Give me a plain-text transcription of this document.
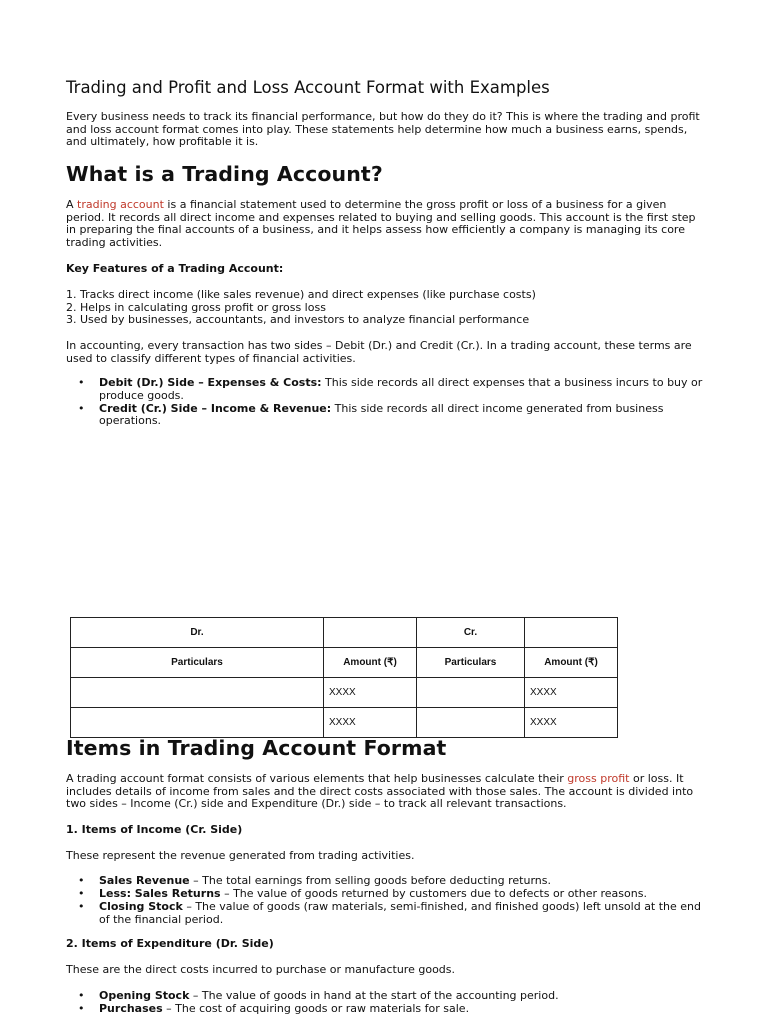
Trading and Profit and Loss Account Format with Examples

Every business needs to track its financial performance, but how do they do it? This is where the trading and profit and loss account format comes into play. These statements help determine how much a business earns, spends, and ultimately, how profitable it is.

What is a Trading Account?

A trading account is a financial statement used to determine the gross profit or loss of a business for a given period. It records all direct income and expenses related to buying and selling goods. This account is the first step in preparing the final accounts of a business, and it helps assess how efficiently a company is managing its core trading activities.

Key Features of a Trading Account:

1. Tracks direct income (like sales revenue) and direct expenses (like purchase costs)

2. Helps in calculating gross profit or gross loss

3. Used by businesses, accountants, and investors to analyze financial performance

In accounting, every transaction has two sides – Debit (Dr.) and Credit (Cr.). In a trading account, these terms are used to classify different types of financial activities.

• Debit (Dr.) Side – Expenses & Costs: This side records all direct expenses that a business incurs to buy or produce goods.
• Credit (Cr.) Side – Income & Revenue: This side records all direct income generated from business operations.
Items in Trading Account Format

A trading account format consists of various elements that help businesses calculate their gross profit or loss. It includes details of income from sales and the direct costs associated with those sales. The account is divided into two sides – Income (Cr.) side and Expenditure (Dr.) side – to track all relevant transactions.

1. Items of Income (Cr. Side)

These represent the revenue generated from trading activities.

• Sales Revenue – The total earnings from selling goods before deducting returns.
• Less: Sales Returns – The value of goods returned by customers due to defects or other reasons.
• Closing Stock – The value of goods (raw materials, semi-finished, and finished goods) left unsold at the end of the financial period.

2. Items of Expenditure (Dr. Side)

These are the direct costs incurred to purchase or manufacture goods.

• Opening Stock – The value of goods in hand at the start of the accounting period.
• Purchases – The cost of acquiring goods or raw materials for sale.
Dr.		Cr.	
Particulars	Amount (₹)	Particulars	Amount (₹)
	XXXX		XXXX
	XXXX		XXXX
